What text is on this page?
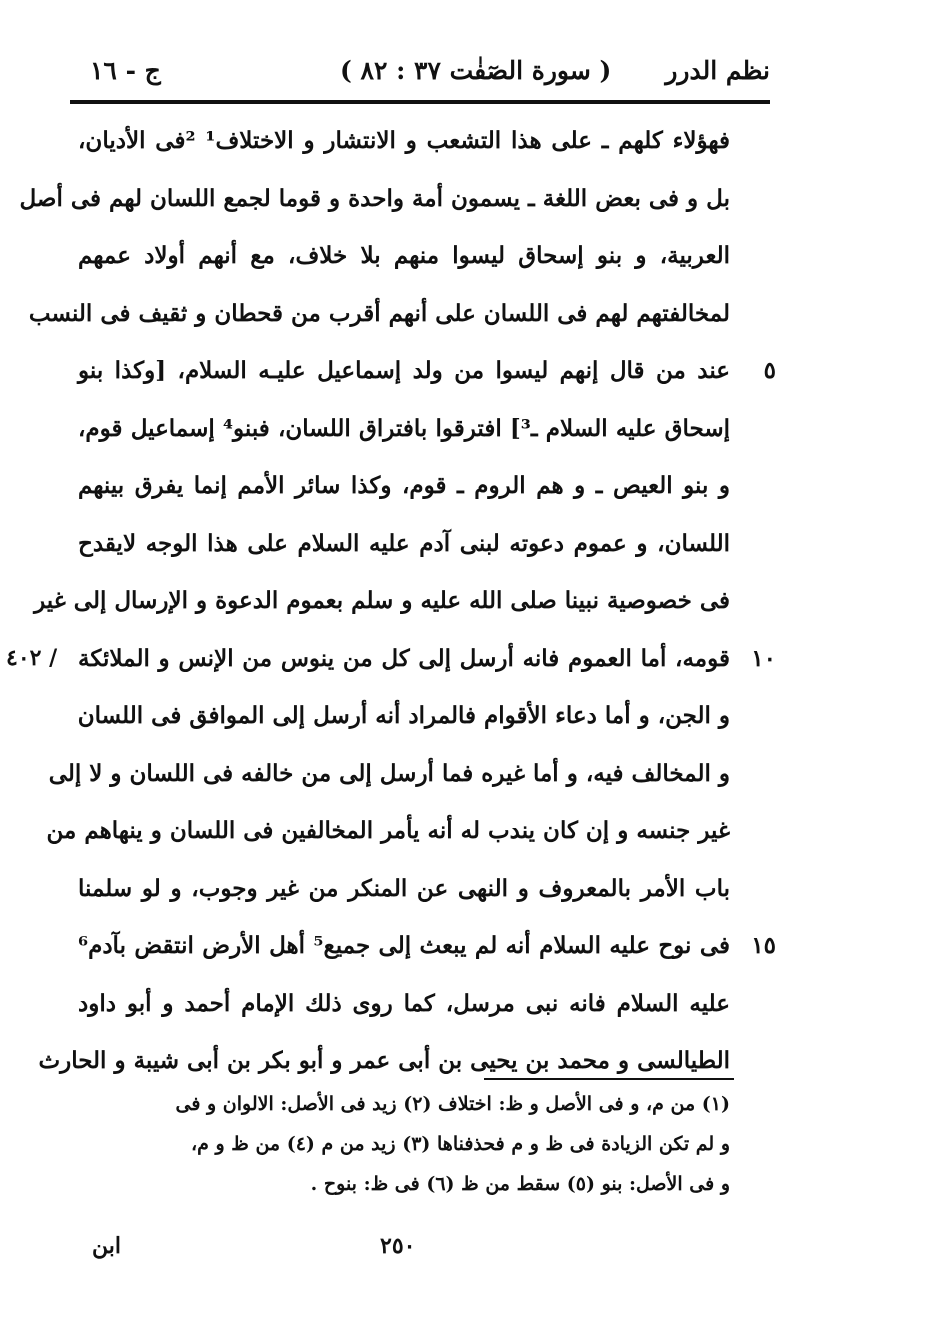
نظم الدرر
( سورة الصٓفٰت ٣٧ : ٨٢ )
ج - ١٦
فهؤلاء كلهم ـ على هذا التشعب و الانتشار و الاختلاف¹ ²فى الأديان،
بل و فى بعض اللغة ـ يسمون أمة واحدة و قوما لجمع اللسان لهم فى أصل
العربية، و بنو إسحاق ليسوا منهم بلا خلاف، مع أنهم أولاد عمهم
لمخالفتهم لهم فى اللسان على أنهم أقرب من قحطان و ثقيف فى النسب
٥
عند من قال إنهم ليسوا من ولد إسماعيل عليـه السلام، [وكذا بنو
إسحاق عليه السلام ـ³] افترقوا بافتراق اللسان، فبنو⁴ إسماعيل قوم،
و بنو العيص ـ و هم الروم ـ قوم، وكذا سائر الأمم إنما يفرق بينهم
اللسان، و عموم دعوته لبنى آدم عليه السلام على هذا الوجه لايقدح
فى خصوصية نبينا صلى الله عليه و سلم بعموم الدعوة و الإرسال إلى غير
١٠
٤٠٢ / قومه، أما العموم فانه أرسل إلى كل من ينوس من الإنس و الملائكة
و الجن، و أما دعاء الأقوام فالمراد أنه أرسل إلى الموافق فى اللسان
و المخالف فيه، و أما غيره فما أرسل إلى من خالفه فى اللسان و لا إلى
غير جنسه و إن كان يندب له أنه يأمر المخالفين فى اللسان و ينهاهم من
باب الأمر بالمعروف و النهى عن المنكر من غير وجوب، و لو سلمنا
١٥
فى نوح عليه السلام أنه لم يبعث إلى جميع⁵ أهل الأرض انتقض بآدم⁶
عليه السلام فانه نبى مرسل، كما روى ذلك الإمام أحمد و أبو داود
الطيالسى و محمد بن يحيى بن أبى عمر و أبو بكر بن أبى شيبة و الحارث
(١) من م، و فى الأصل و ظ: اختلاف (٢) زيد فى الأصل: الالوان و فى
و لم تكن الزيادة فى ظ و م فحذفناها (٣) زيد من م (٤) من ظ و م،
و فى الأصل: بنو (٥) سقط من ظ (٦) فى ظ: بنوح .
٢٥٠
ابن
